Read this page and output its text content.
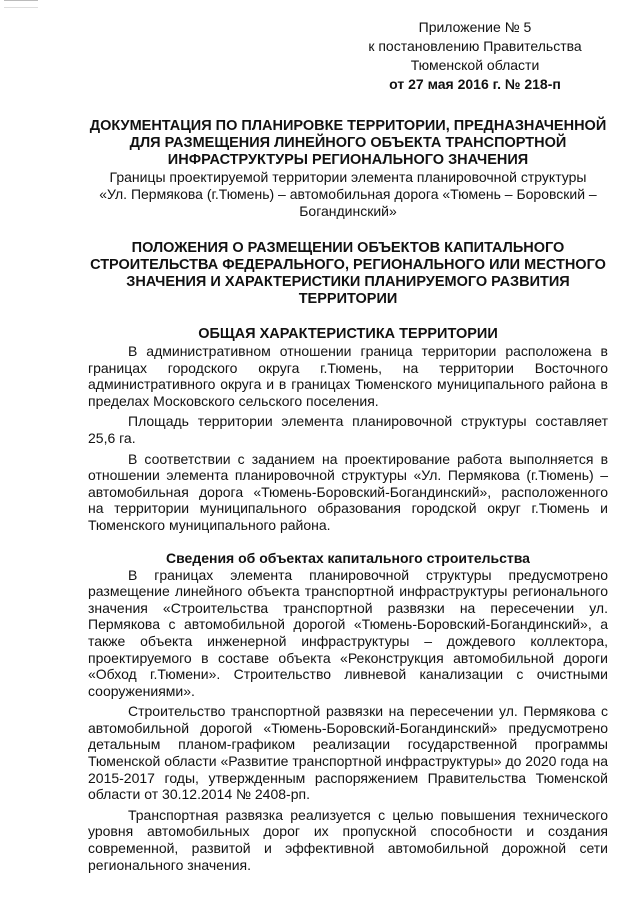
Приложение № 5
к постановлению Правительства
Тюменской области
от 27 мая 2016 г. № 218-п
ДОКУМЕНТАЦИЯ ПО ПЛАНИРОВКЕ ТЕРРИТОРИИ, ПРЕДНАЗНАЧЕННОЙ
ДЛЯ РАЗМЕЩЕНИЯ ЛИНЕЙНОГО ОБЪЕКТА ТРАНСПОРТНОЙ
ИНФРАСТРУКТУРЫ РЕГИОНАЛЬНОГО ЗНАЧЕНИЯ
Границы проектируемой территории элемента планировочной структуры
«Ул. Пермякова (г.Тюмень) – автомобильная дорога «Тюмень – Боровский –
Богандинский»
ПОЛОЖЕНИЯ О РАЗМЕЩЕНИИ ОБЪЕКТОВ КАПИТАЛЬНОГО
СТРОИТЕЛЬСТВА ФЕДЕРАЛЬНОГО, РЕГИОНАЛЬНОГО ИЛИ МЕСТНОГО
ЗНАЧЕНИЯ И ХАРАКТЕРИСТИКИ ПЛАНИРУЕМОГО РАЗВИТИЯ
ТЕРРИТОРИИ
ОБЩАЯ ХАРАКТЕРИСТИКА ТЕРРИТОРИИ

В административном отношении граница территории расположена в границах городского округа г.Тюмень, на территории Восточного административного округа и в границах Тюменского муниципального района в пределах Московского сельского поселения.

Площадь территории элемента планировочной структуры составляет 25,6 га.

В соответствии с заданием на проектирование работа выполняется в отношении элемента планировочной структуры «Ул. Пермякова (г.Тюмень) – автомобильная дорога «Тюмень-Боровский-Богандинский», расположенного на территории муниципального образования городской округ г.Тюмень и Тюменского муниципального района.

Сведения об объектах капитального строительства

В границах элемента планировочной структуры предусмотрено размещение линейного объекта транспортной инфраструктуры регионального значения «Строительства транспортной развязки на пересечении ул. Пермякова с автомобильной дорогой «Тюмень-Боровский-Богандинский», а также объекта инженерной инфраструктуры – дождевого коллектора, проектируемого в составе объекта «Реконструкция автомобильной дороги «Обход г.Тюмени». Строительство ливневой канализации с очистными сооружениями».

Строительство транспортной развязки на пересечении ул. Пермякова с автомобильной дорогой «Тюмень-Боровский-Богандинский» предусмотрено детальным планом-графиком реализации государственной программы Тюменской области «Развитие транспортной инфраструктуры» до 2020 года на 2015-2017 годы, утвержденным распоряжением Правительства Тюменской области от 30.12.2014 № 2408-рп.

Транспортная развязка реализуется с целью повышения технического уровня автомобильных дорог их пропускной способности и создания современной, развитой и эффективной автомобильной дорожной сети регионального значения.
